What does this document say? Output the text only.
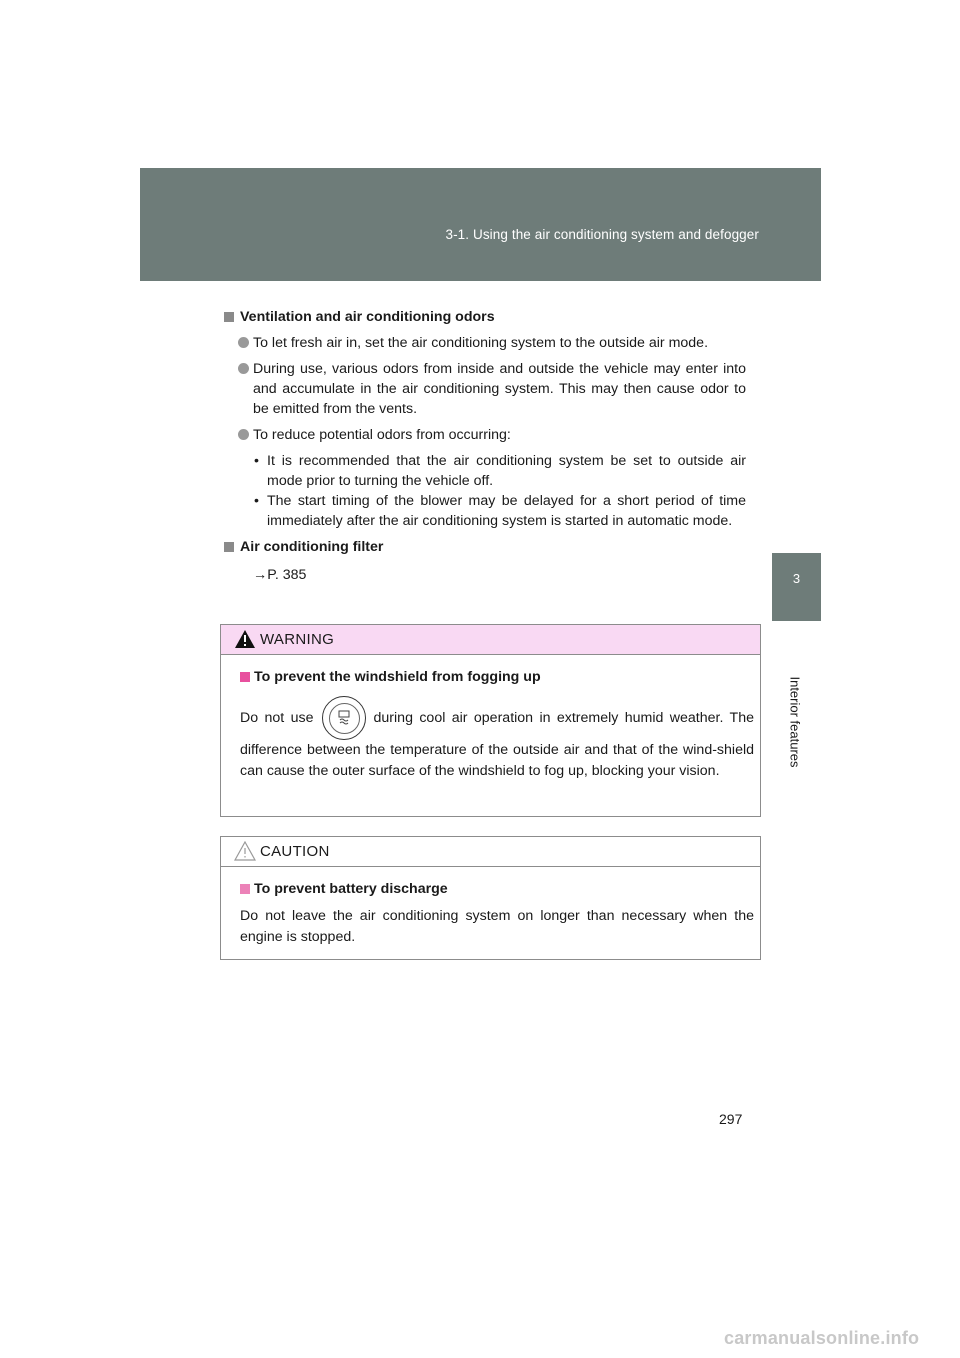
3-1. Using the air conditioning system and defogger
3
Interior features
Ventilation and air conditioning odors
To let fresh air in, set the air conditioning system to the outside air mode.
During use, various odors from inside and outside the vehicle may enter into and accumulate in the air conditioning system. This may then cause odor to be emitted from the vents.
To reduce potential odors from occurring:
• It is recommended that the air conditioning system be set to outside air mode prior to turning the vehicle off.
• The start timing of the blower may be delayed for a short period of time immediately after the air conditioning system is started in automatic mode.
Air conditioning filter
→P. 385
WARNING
To prevent the windshield from fogging up
Do not use	during cool air operation in extremely humid weather. The difference between the temperature of the outside air and that of the wind-shield can cause the outer surface of the windshield to fog up, blocking your vision.
CAUTION
To prevent battery discharge
Do not leave the air conditioning system on longer than necessary when the engine is stopped.
297
carmanualsonline.info
